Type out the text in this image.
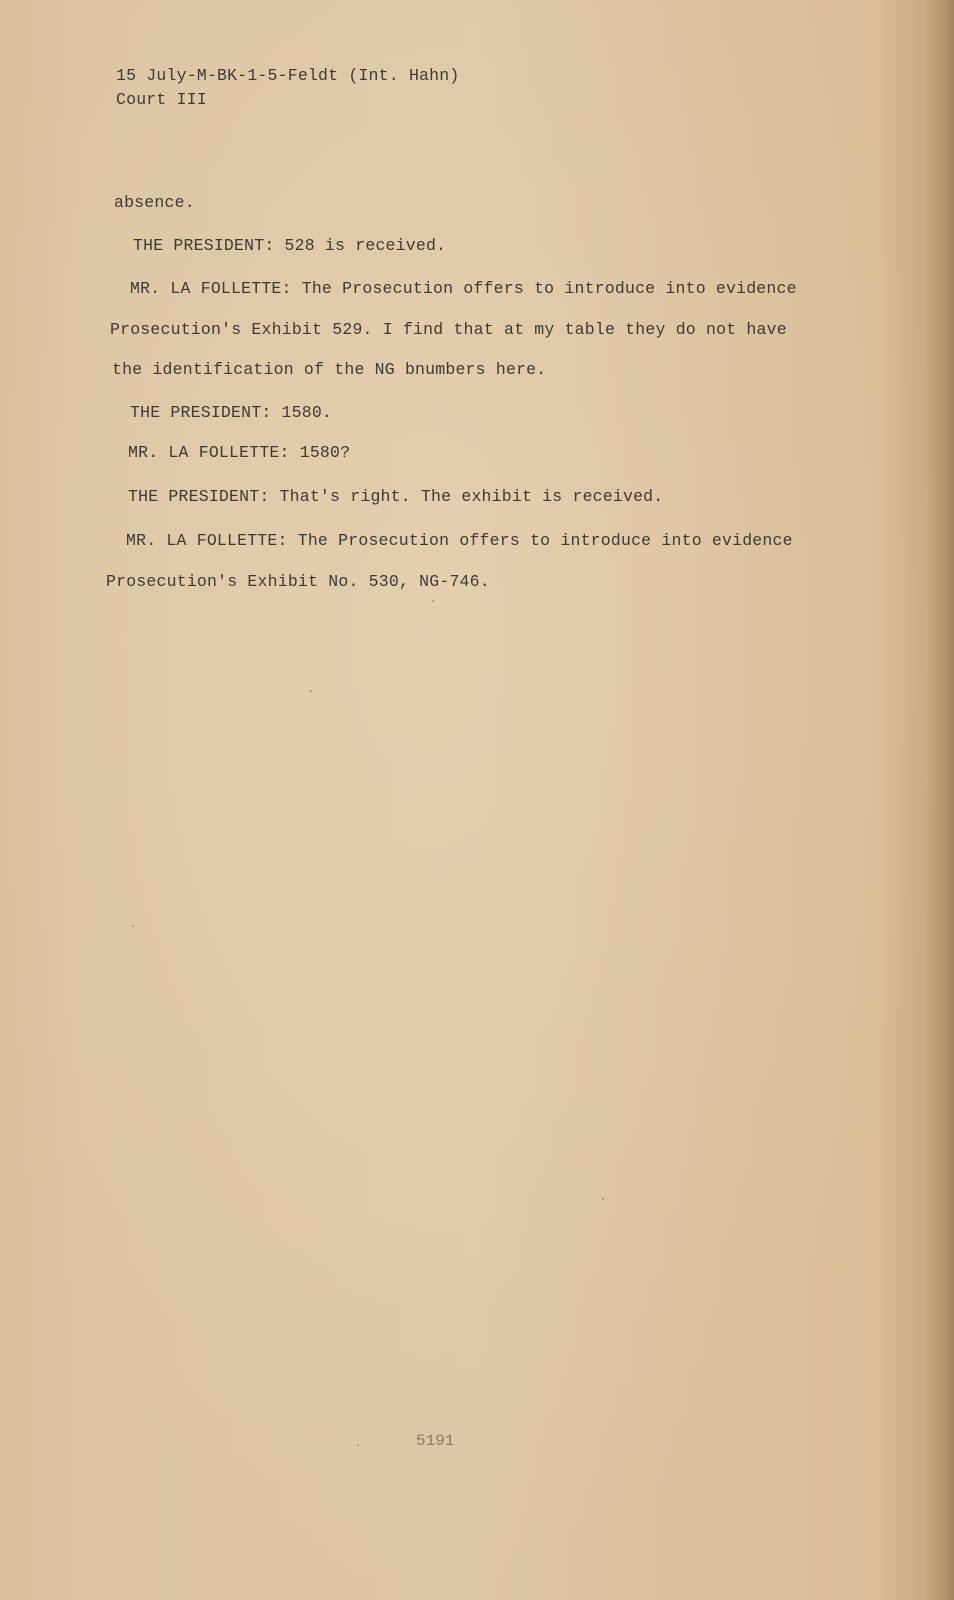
15 July-M-BK-1-5-Feldt (Int. Hahn)
Court III
absence.
THE PRESIDENT: 528 is received.
MR. LA FOLLETTE: The Prosecution offers to introduce into evidence
Prosecution's Exhibit 529. I find that at my table they do not have
the identification of the NG bnumbers here.
THE PRESIDENT: 1580.
MR. LA FOLLETTE: 1580?
THE PRESIDENT: That's right. The exhibit is received.
MR. LA FOLLETTE: The Prosecution offers to introduce into evidence
Prosecution's Exhibit No. 530, NG-746.
5191
